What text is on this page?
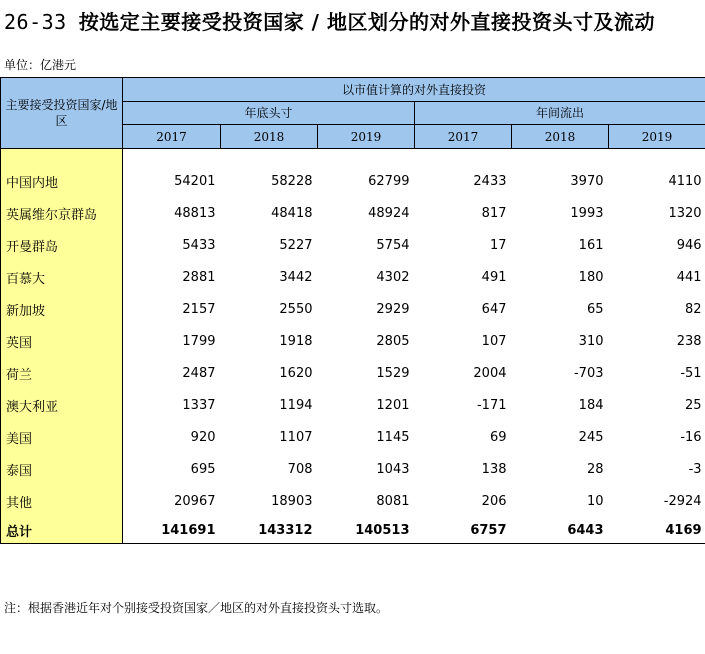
26-33 按选定主要接受投资国家 / 地区划分的对外直接投资头寸及流动
单位：亿港元
主要接受投资国家/地区	以市值计算的对外直接投资					
	年底头寸			年间流出		
	2017	2018	2019	2017	2018	2019

中国内地	54201	58228	62799	2433	3970	4110
英属维尔京群岛	48813	48418	48924	817	1993	1320
开曼群岛	5433	5227	5754	17	161	946
百慕大	2881	3442	4302	491	180	441
新加坡	2157	2550	2929	647	65	82
英国	1799	1918	2805	107	310	238
荷兰	2487	1620	1529	2004	-703	-51
澳大利亚	1337	1194	1201	-171	184	25
美国	920	1107	1145	69	245	-16
泰国	695	708	1043	138	28	-3
其他	20967	18903	8081	206	10	-2924
总计	141691	143312	140513	6757	6443	4169
注：根据香港近年对个别接受投资国家／地区的对外直接投资头寸选取。
